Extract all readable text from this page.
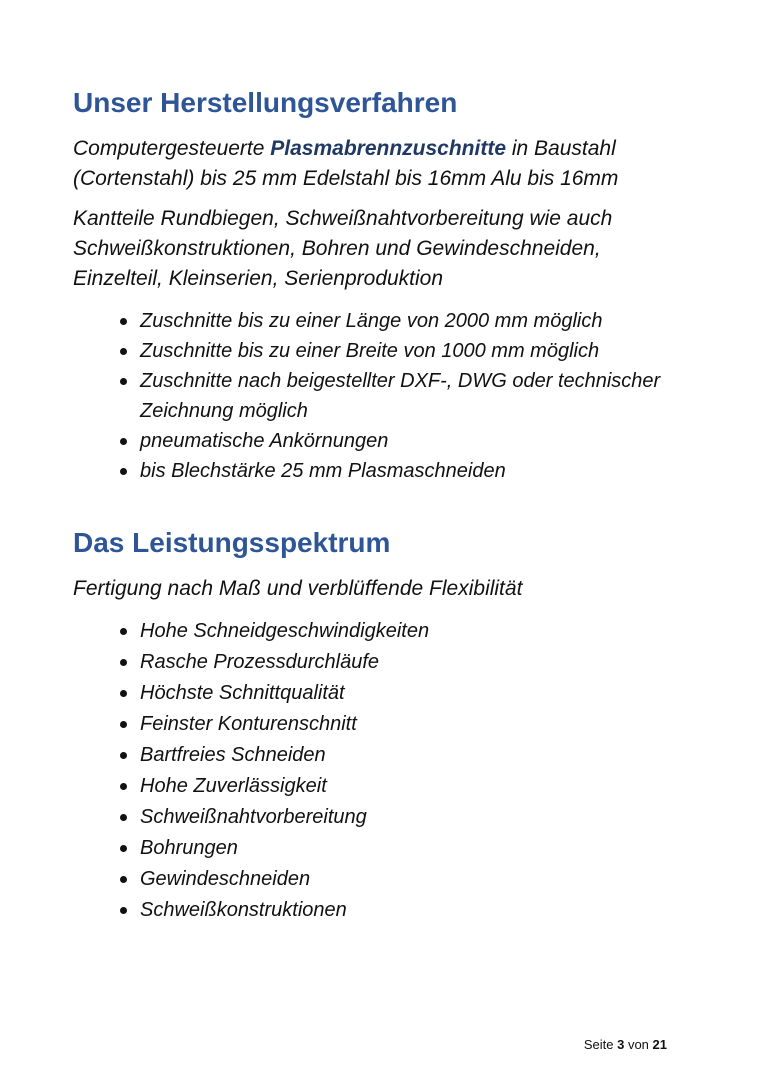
Unser Herstellungsverfahren

Computergesteuerte Plasmabrennzuschnitte in Baustahl (Cortenstahl) bis 25 mm Edelstahl bis 16mm Alu bis 16mm

Kantteile Rundbiegen, Schweißnahtvorbereitung wie auch Schweißkonstruktionen, Bohren und Gewindeschneiden, Einzelteil, Kleinserien, Serienproduktion

Zuschnitte bis zu einer Länge von 2000 mm möglich
Zuschnitte bis zu einer Breite von 1000 mm möglich
Zuschnitte nach beigestellter DXF-, DWG oder technischer Zeichnung möglich
pneumatische Ankörnungen
bis Blechstärke 25 mm Plasmaschneiden
Das Leistungsspektrum

Fertigung nach Maß und verblüffende Flexibilität

Hohe Schneidgeschwindigkeiten
Rasche Prozessdurchläufe
Höchste Schnittqualität
Feinster Konturenschnitt
Bartfreies Schneiden
Hohe Zuverlässigkeit
Schweißnahtvorbereitung
Bohrungen
Gewindeschneiden
Schweißkonstruktionen
Seite 3 von 21
